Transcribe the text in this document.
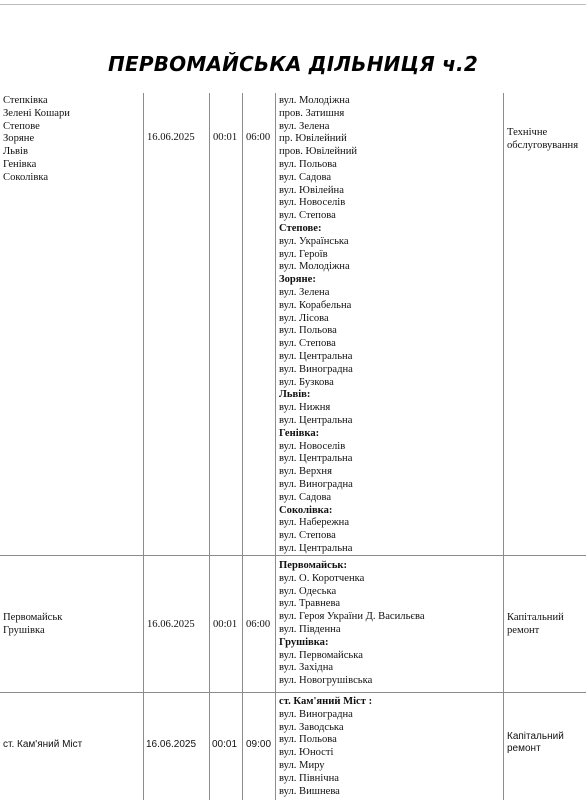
ПЕРВОМАЙСЬКА ДІЛЬНИЦЯ ч.2
Степківка
Зелені Кошари
Степове
Зоряне
Львів
Генівка
Соколівка
16.06.2025 00:01 06:00
вул. Молодіжна
пров. Затишня
вул. Зелена
пр. Ювілейний
пров. Ювілейний
вул. Польова
вул. Садова
вул. Ювілейна
вул. Новоселів
вул. Степова
Степове:
вул. Українська
вул. Героїв
вул. Молодіжна
Зоряне:
вул. Зелена
вул. Корабельна
вул. Лісова
вул. Польова
вул. Степова
вул. Центральна
вул. Виноградна
вул. Бузкова
Львів:
вул. Нижня
вул. Центральна
Генівка:
вул. Новоселів
вул. Центральна
вул. Верхня
вул. Виноградна
вул. Садова
Соколівка:
вул. Набережна
вул. Степова
вул. Центральна
Технічне обслуговування
Первомайськ
Грушівка
16.06.2025 00:01 06:00
Первомайськ:
вул. О. Коротченка
вул. Одеська
вул. Травнева
вул. Героя України Д. Васильєва
вул. Південна
Грушівка:
вул. Первомайська
вул. Західна
вул. Новогрушівська
Капітальний ремонт
ст. Кам'яний Міст	16.06.2025 00:01 09:00
ст. Кам'яний Міст :
вул. Виноградна
вул. Заводська
вул. Польова
вул. Юності
вул. Миру
вул. Північна
вул. Вишнева
Капітальний ремонт
